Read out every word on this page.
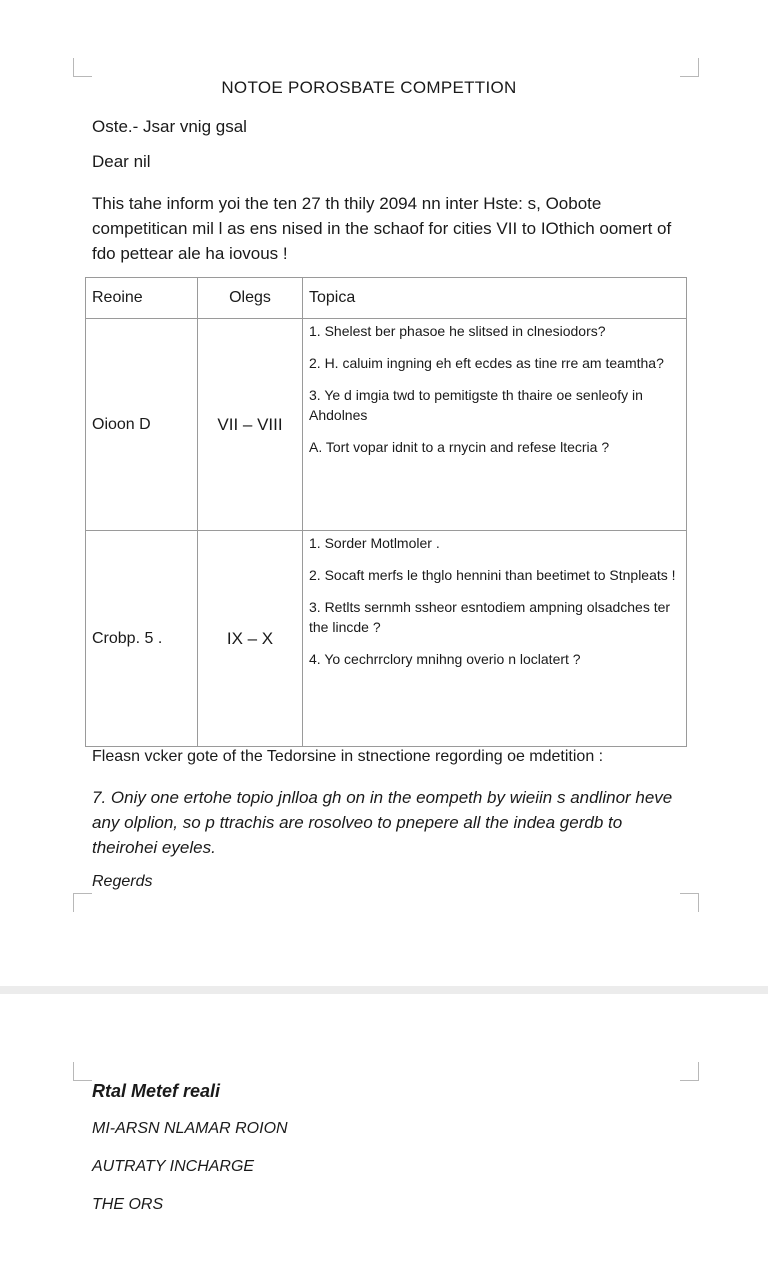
NOTOE POROSBATE COMPETTION
Oste.- Jsar vnig gsal
Dear nil
This tahe inform yoi the ten 27 th thily 2094 nn inter Hste: s, Oobote competitican mil l as ens nised in the schaof for cities VII to IOthich oomert of fdo pettear ale ha iovous !
Reoine	Olegs	Topica
Oioon D	VII – VIII	1. Shelest ber phasoe he slitsed in clnesiodors?
2. H. caluim ingning eh eft ecdes as tine rre am teamtha?
3. Ye d imgia twd to pemitigste th thaire oe senleofy in Ahdolnes
A. Tort vopar idnit to a rnycin and refese ltecria ?

Crobp. 5 .	IX – X	1. Sorder Motlmoler .
2. Socaft merfs le thglo hennini than beetimet to Stnpleats !
3. Retlts sernmh ssheor esntodiem ampning olsadches ter the lincde ?
4. Yo cechrrclory mnihng overio n loclatert ?
Fleasn vcker gote of the Tedorsine in stnectione regording oe mdetition :
7. Oniy one ertohe topio jnlloa gh on in the eompeth by wieiin s andlinor heve any olplion, so p ttrachis are rosolveo to pnepere all the indea gerdb to theirohei eyeles.
Regerds
Rtal Metef reali
MI-ARSN NLAMAR ROION
AUTRATY INCHARGE
THE ORS
